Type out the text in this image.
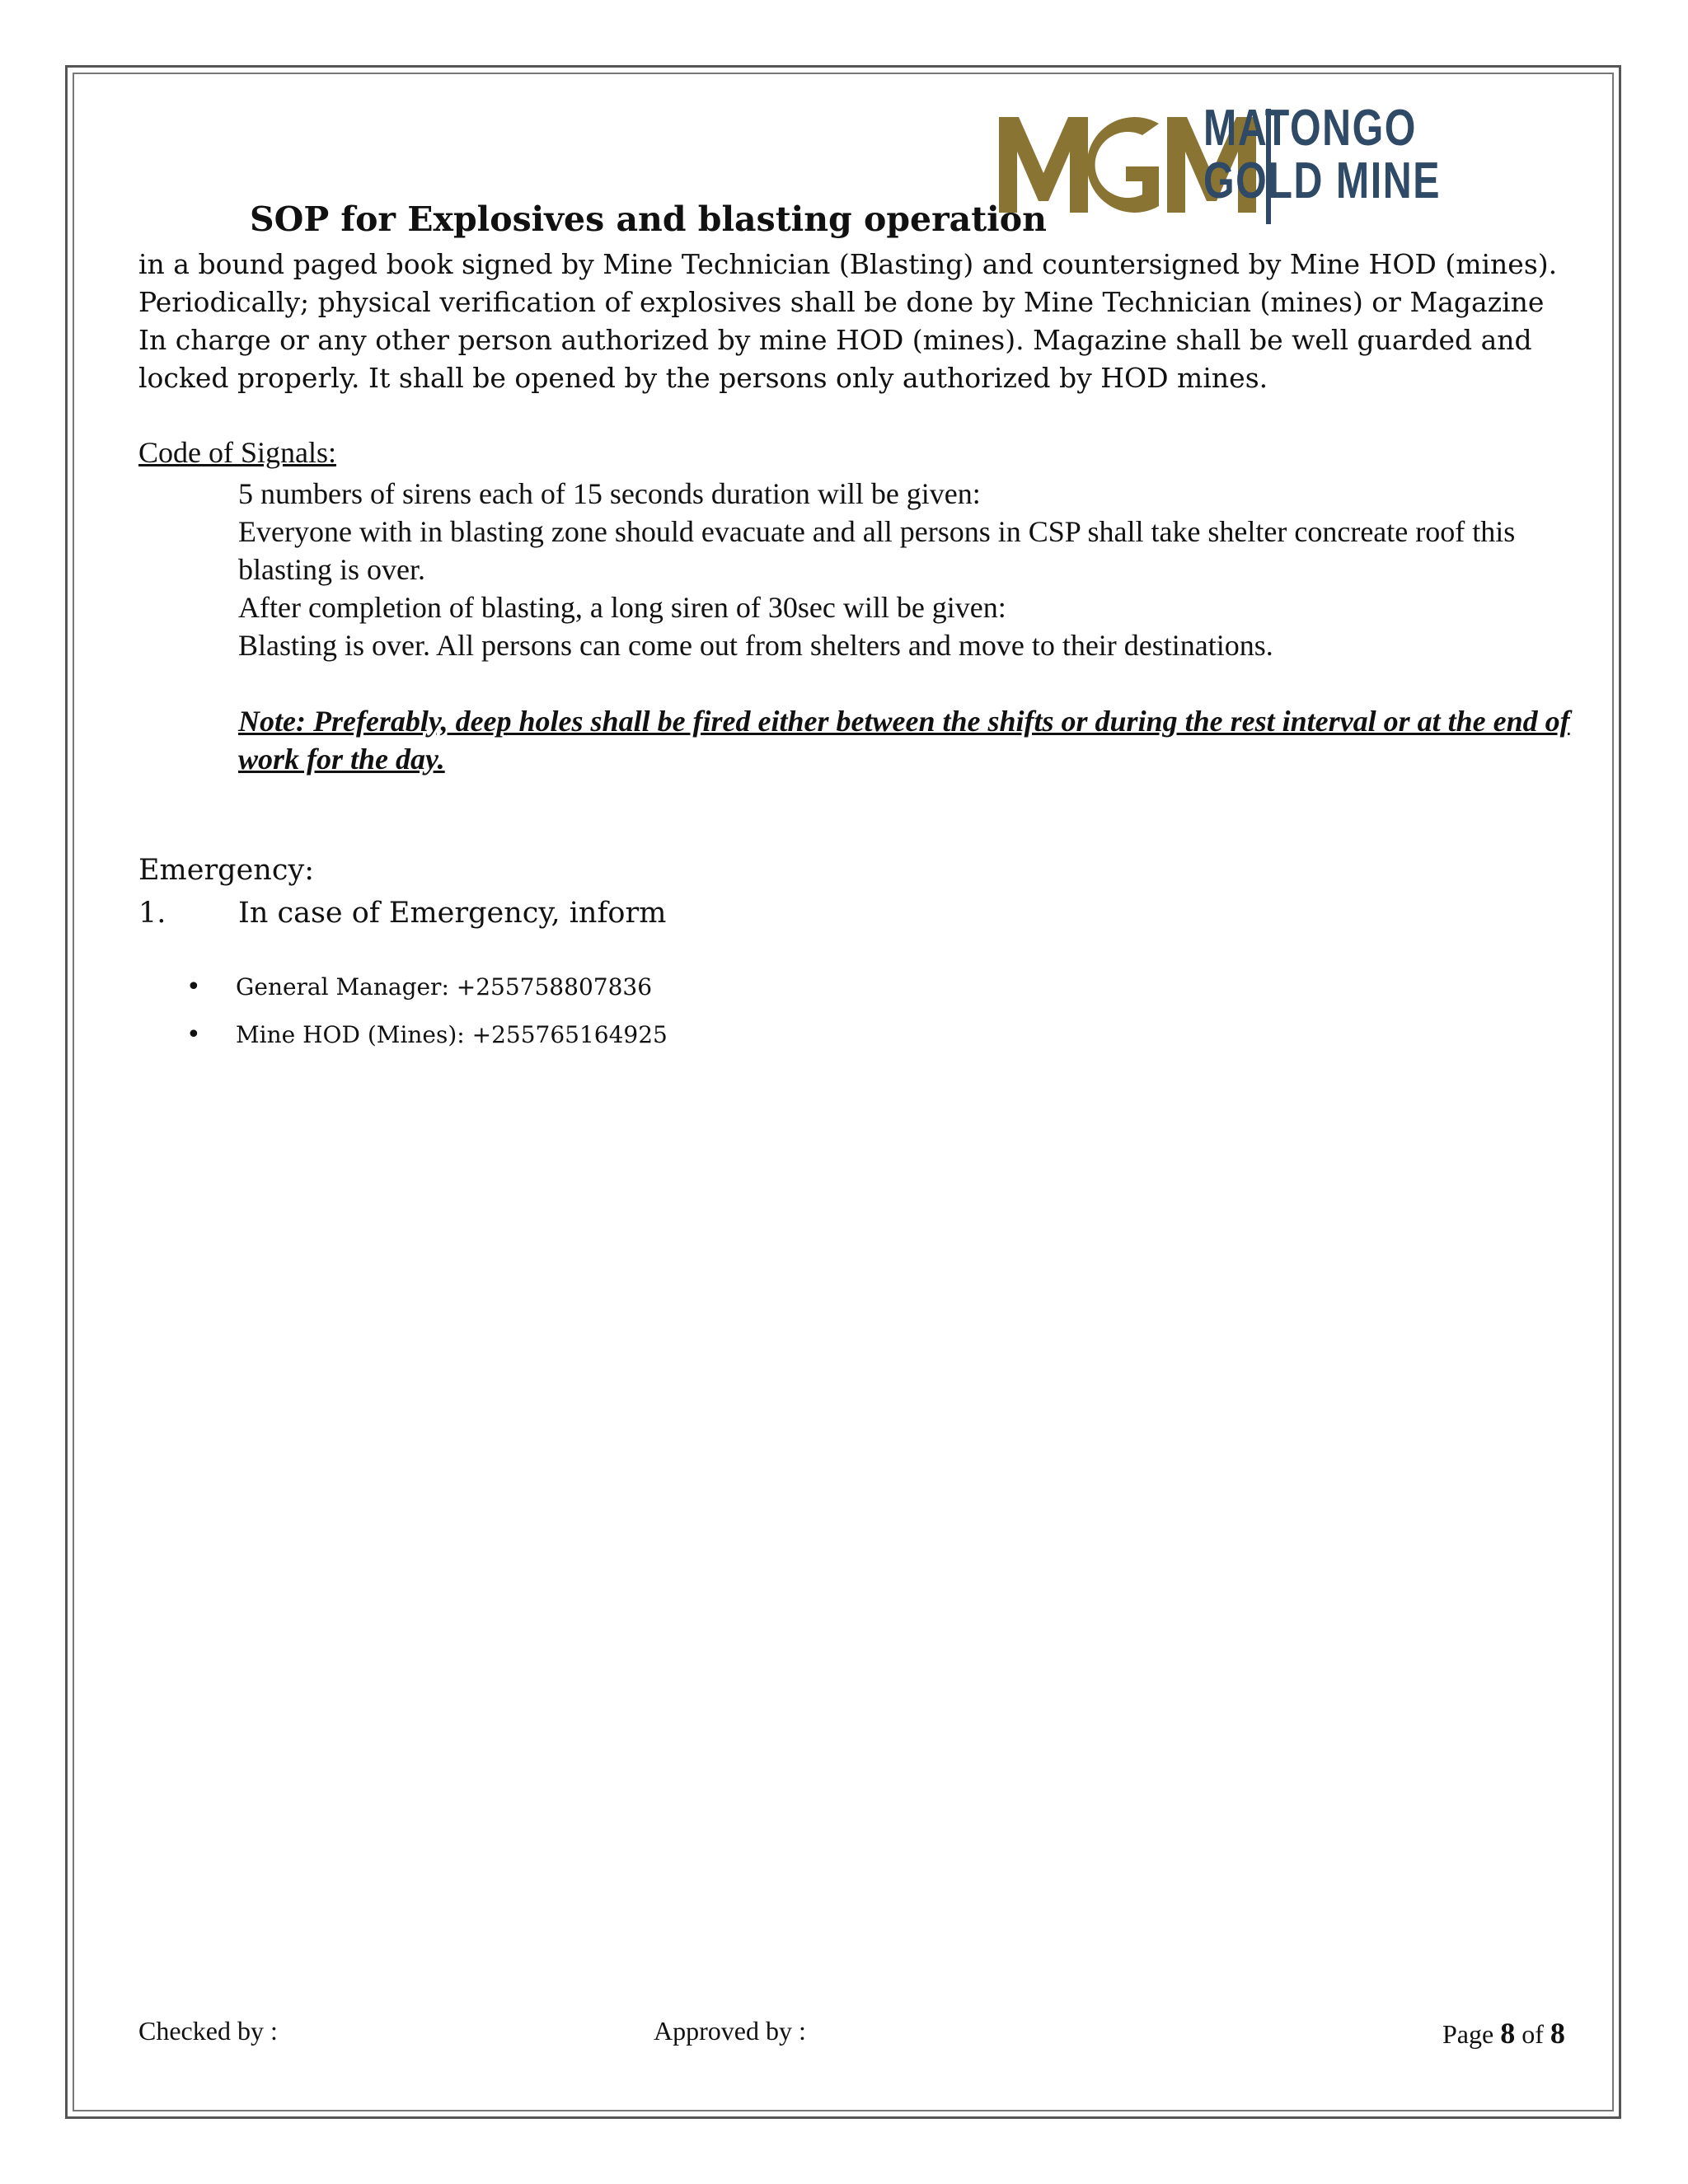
MATONGO
GOLD MINE
SOP for Explosives and blasting operation
in a bound paged book signed by Mine Technician (Blasting) and countersigned by Mine HOD (mines). Periodically; physical verification of explosives shall be done by Mine Technician (mines) or Magazine In charge or any other person authorized by mine HOD (mines). Magazine shall be well guarded and locked properly. It shall be opened by the persons only authorized by HOD mines.
Code of Signals:
5 numbers of sirens each of 15 seconds duration will be given:
Everyone with in blasting zone should evacuate and all persons in CSP shall take shelter concreate roof this blasting is over.
After completion of blasting, a long siren of 30sec will be given:
Blasting is over. All persons can come out from shelters and move to their destinations.
Note: Preferably, deep holes shall be fired either between the shifts or during the rest interval or at the end of work for the day.
Emergency:
1.	In case of Emergency, inform
• General Manager: +255758807836
• Mine HOD (Mines): +255765164925
Checked by :	Approved by :	Page 8 of 8
